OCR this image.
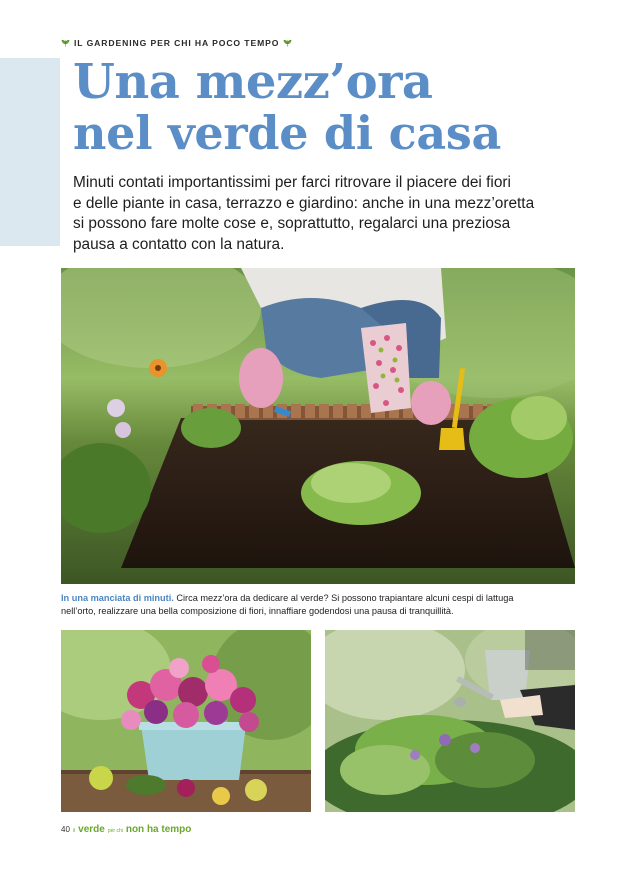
IL GARDENING PER CHI HA POCO TEMPO
Una mezz’ora
nel verde di casa
Minuti contati importantissimi per farci ritrovare il piacere dei fiori
e delle piante in casa, terrazzo e giardino: anche in una mezz’oretta
si possono fare molte cose e, soprattutto, regalarci una preziosa
pausa a contatto con la natura.
In una manciata di minuti. Circa mezz’ora da dedicare al verde? Si possono trapiantare alcuni cespi di lattuga
nell’orto, realizzare una bella composizione di fiori, innaffiare godendosi una pausa di tranquillità.
40 il verde per chi non ha tempo
